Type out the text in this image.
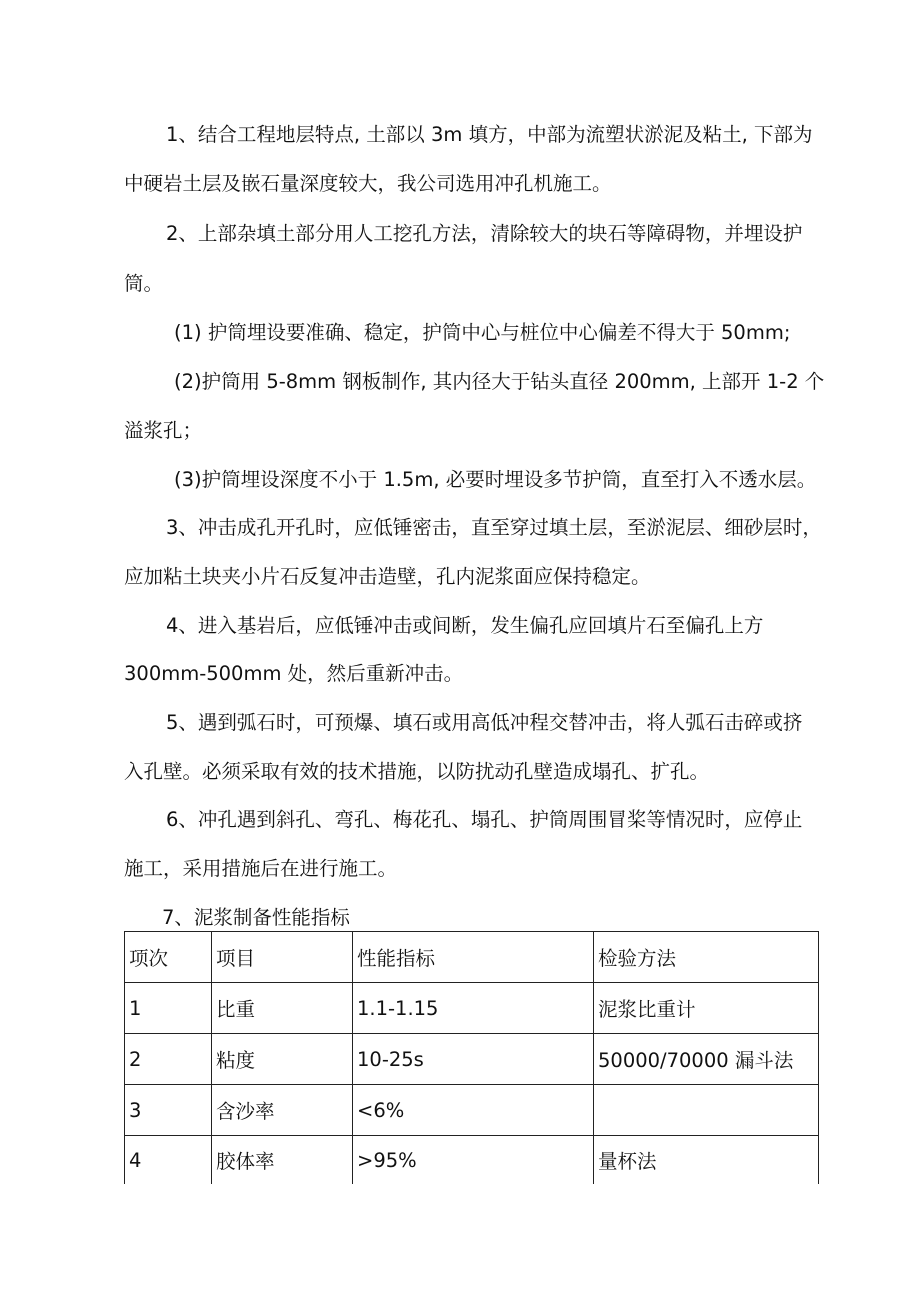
1、结合工程地层特点, 土部以 3m 填方，中部为流塑状淤泥及粘土, 下部为

中硬岩土层及嵌石量深度较大，我公司选用冲孔机施工。

2、上部杂填土部分用人工挖孔方法，清除较大的块石等障碍物，并埋设护

筒。

(1) 护筒埋设要准确、稳定，护筒中心与桩位中心偏差不得大于 50mm;

(2)护筒用 5-8mm 钢板制作, 其内径大于钻头直径 200mm, 上部开 1-2 个

溢浆孔；

(3)护筒埋设深度不小于 1.5m, 必要时埋设多节护筒，直至打入不透水层。

3、冲击成孔开孔时，应低锤密击，直至穿过填土层，至淤泥层、细砂层时，

应加粘土块夹小片石反复冲击造壁，孔内泥浆面应保持稳定。

4、进入基岩后，应低锤冲击或间断，发生偏孔应回填片石至偏孔上方

300mm-500mm 处，然后重新冲击。

5、遇到弧石时，可预爆、填石或用高低冲程交替冲击，将人弧石击碎或挤

入孔壁。必须采取有效的技术措施，以防扰动孔壁造成塌孔、扩孔。

6、冲孔遇到斜孔、弯孔、梅花孔、塌孔、护筒周围冒桨等情况时，应停止

施工，采用措施后在进行施工。

7、泥浆制备性能指标

项次	项目	性能指标	检验方法
1	比重	1.1-1.15	泥浆比重计
2	粘度	10-25s	50000/70000 漏斗法
3	含沙率	<6%	
4	胶体率	>95%	量杯法
